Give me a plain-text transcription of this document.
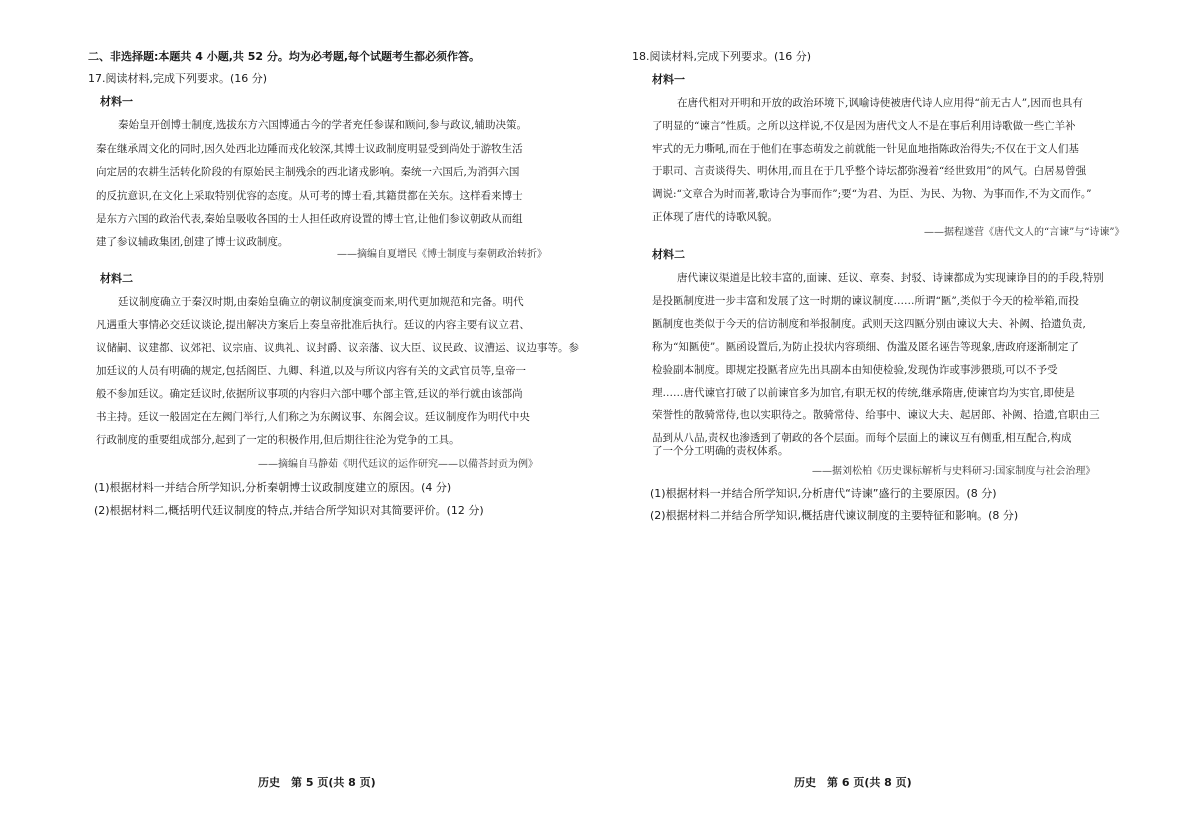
二、非选择题:本题共 4 小题,共 52 分。均为必考题,每个试题考生都必须作答。
17.阅读材料,完成下列要求。(16 分)
材料一
秦始皇开创博士制度,选拔东方六国博通古今的学者充任参谋和顾问,参与政议,辅助决策。
秦在继承周文化的同时,因久处西北边陲而戎化较深,其博士议政制度明显受到尚处于游牧生活
向定居的农耕生活转化阶段的有原始民主制残余的西北诸戎影响。秦统一六国后,为消弭六国
的反抗意识,在文化上采取特别优容的态度。从可考的博士看,其籍贯都在关东。这样看来博士
是东方六国的政治代表,秦始皇吸收各国的士人担任政府设置的博士官,让他们参议朝政从而组
建了参议辅政集团,创建了博士议政制度。
——摘编自夏增民《博士制度与秦朝政治转折》
材料二
廷议制度确立于秦汉时期,由秦始皇确立的朝议制度演变而来,明代更加规范和完备。明代
凡遇重大事情必交廷议谈论,提出解决方案后上奏皇帝批准后执行。廷议的内容主要有议立君、
议储嗣、议建都、议郊祀、议宗庙、议典礼、议封爵、议亲藩、议大臣、议民政、议漕运、议边事等。参
加廷议的人员有明确的规定,包括阁臣、九卿、科道,以及与所议内容有关的文武官员等,皇帝一
般不参加廷议。确定廷议时,依据所议事项的内容归六部中哪个部主管,廷议的举行就由该部尚
书主持。廷议一般固定在左阙门举行,人们称之为东阙议事、东阁会议。廷议制度作为明代中央
行政制度的重要组成部分,起到了一定的积极作用,但后期往往沦为党争的工具。
——摘编自马静茹《明代廷议的运作研究——以備荅封贡为例》
(1)根据材料一并结合所学知识,分析秦朝博士议政制度建立的原因。(4 分)
(2)根据材料二,概括明代廷议制度的特点,并结合所学知识对其简要评价。(12 分)
历史　第 5 页(共 8 页)
18.阅读材料,完成下列要求。(16 分)
材料一
在唐代相对开明和开放的政治环境下,讽喻诗使被唐代诗人应用得“前无古人”,因而也具有
了明显的“谏言”性质。之所以这样说,不仅是因为唐代文人不是在事后利用诗歌做一些亡羊补
牢式的无力嘶吼,而在于他们在事态萌发之前就能一针见血地指陈政治得失;不仅在于文人们基
于职司、言责谈得失、明休用,而且在于几乎整个诗坛都弥漫着“经世致用”的风气。白居易曾强
调说:“文章合为时而著,歌诗合为事而作”;要“为君、为臣、为民、为物、为事而作,不为文而作。”
正体现了唐代的诗歌风貌。
——据程遂营《唐代文人的“言谏”与“诗谏”》
材料二
唐代谏议渠道是比较丰富的,面谏、廷议、章奏、封驳、诗谏都成为实现谏诤目的的手段,特别
是投匦制度进一步丰富和发展了这一时期的谏议制度……所谓“匦”,类似于今天的检举箱,而投
匦制度也类似于今天的信访制度和举报制度。武则天这四匦分别由谏议大夫、补阙、拾遗负责,
称为“知匦使”。匦函设置后,为防止投状内容琐细、伪滥及匿名诬告等现象,唐政府逐渐制定了
检验副本制度。即规定投匦者应先出具副本由知使检验,发现伪诈或事涉猥琐,可以不予受
理……唐代谏官打破了以前谏官多为加官,有职无权的传统,继承隋唐,使谏官均为实官,即使是
荣誉性的散骑常侍,也以实职待之。散骑常侍、给事中、谏议大夫、起居郎、补阙、拾遗,官职由三
品到从八品,责权也渗透到了朝政的各个层面。而每个层面上的谏议互有侧重,相互配合,构成
了一个分工明确的责权体系。
——据刘松柏《历史课标解析与史料研习:国家制度与社会治理》
(1)根据材料一并结合所学知识,分析唐代“诗谏”盛行的主要原因。(8 分)
(2)根据材料二并结合所学知识,概括唐代谏议制度的主要特征和影响。(8 分)
历史　第 6 页(共 8 页)
